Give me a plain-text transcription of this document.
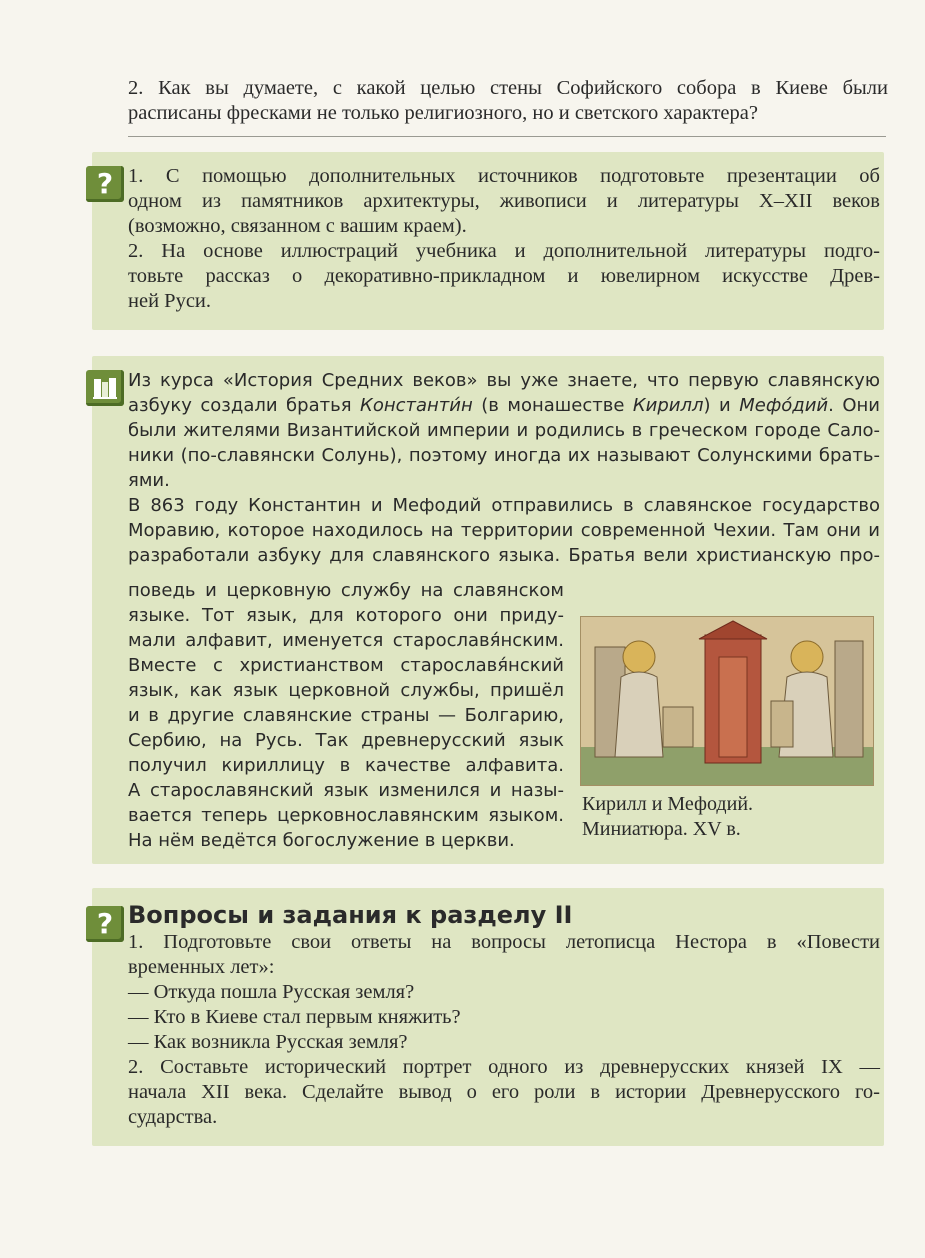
2. Как вы думаете, с какой целью стены Софийского собора в Киеве были
расписаны фресками не только религиозного, но и светского характера?
? 1. С помощью дополнительных источников подготовьте презентации об
одном из памятников архитектуры, живописи и литературы X–XII веков
(возможно, связанном с вашим краем).
2. На основе иллюстраций учебника и дополнительной литературы подго-
товьте рассказ о декоративно-прикладном и ювелирном искусстве Древ-
ней Руси.
Из курса «История Средних веков» вы уже знаете, что первую славянскую
азбуку создали братья Константи́н (в монашестве Кирилл) и Мефо́дий. Они
были жителями Византийской империи и родились в греческом городе Сало-
ники (по-славянски Солунь), поэтому иногда их называют Солунскими брать-
ями.
В 863 году Константин и Мефодий отправились в славянское государство
Моравию, которое находилось на территории современной Чехии. Там они и
разработали азбуку для славянского языка. Братья вели христианскую про-
поведь и церковную службу на славянском
языке. Тот язык, для которого они приду-
мали алфавит, именуется старославя́нским.
Вместе с христианством старославя́нский
язык, как язык церковной службы, пришёл
и в другие славянские страны — Болгарию,
Сербию, на Русь. Так древнерусский язык
получил кириллицу в качестве алфавита.
А старославянский язык изменился и назы-
вается теперь церковнославянским языком.
На нём ведётся богослужение в церкви.
Кирилл и Мефодий.
Миниатюра. XV в.
? Вопросы и задания к разделу II
1. Подготовьте свои ответы на вопросы летописца Нестора в «Повести
временных лет»:
— Откуда пошла Русская земля?
— Кто в Киеве стал первым княжить?
— Как возникла Русская земля?
2. Составьте исторический портрет одного из древнерусских князей IX —
начала XII века. Сделайте вывод о его роли в истории Древнерусского го-
сударства.
